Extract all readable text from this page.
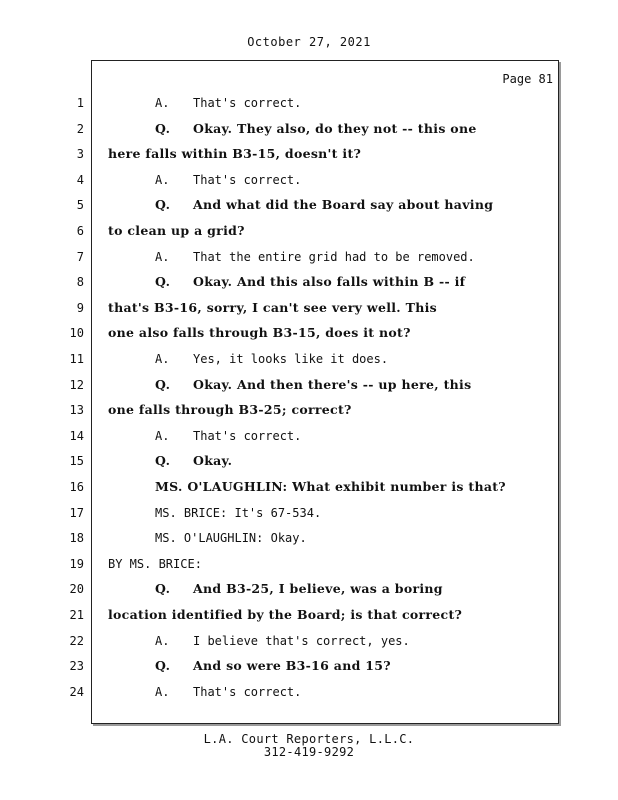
October 27, 2021
Page 81
1	A. That's correct.
2	Q. Okay. They also, do they not -- this one
3 here falls within B3-15, doesn't it?
4	A. That's correct.
5	Q. And what did the Board say about having
6 to clean up a grid?
7	A. That the entire grid had to be removed.
8	Q. Okay. And this also falls within B -- if
9 that's B3-16, sorry, I can't see very well. This
10 one also falls through B3-15, does it not?
11	A. Yes, it looks like it does.
12	Q. Okay. And then there's -- up here, this
13 one falls through B3-25; correct?
14	A. That's correct.
15	Q. Okay.
16	MS. O'LAUGHLIN: What exhibit number is that?
17	MS. BRICE: It's 67-534.
18	MS. O'LAUGHLIN: Okay.
19 BY MS. BRICE:
20	Q. And B3-25, I believe, was a boring
21 location identified by the Board; is that correct?
22	A. I believe that's correct, yes.
23	Q. And so were B3-16 and 15?
24	A. That's correct.
L.A. Court Reporters, L.L.C.
312-419-9292
